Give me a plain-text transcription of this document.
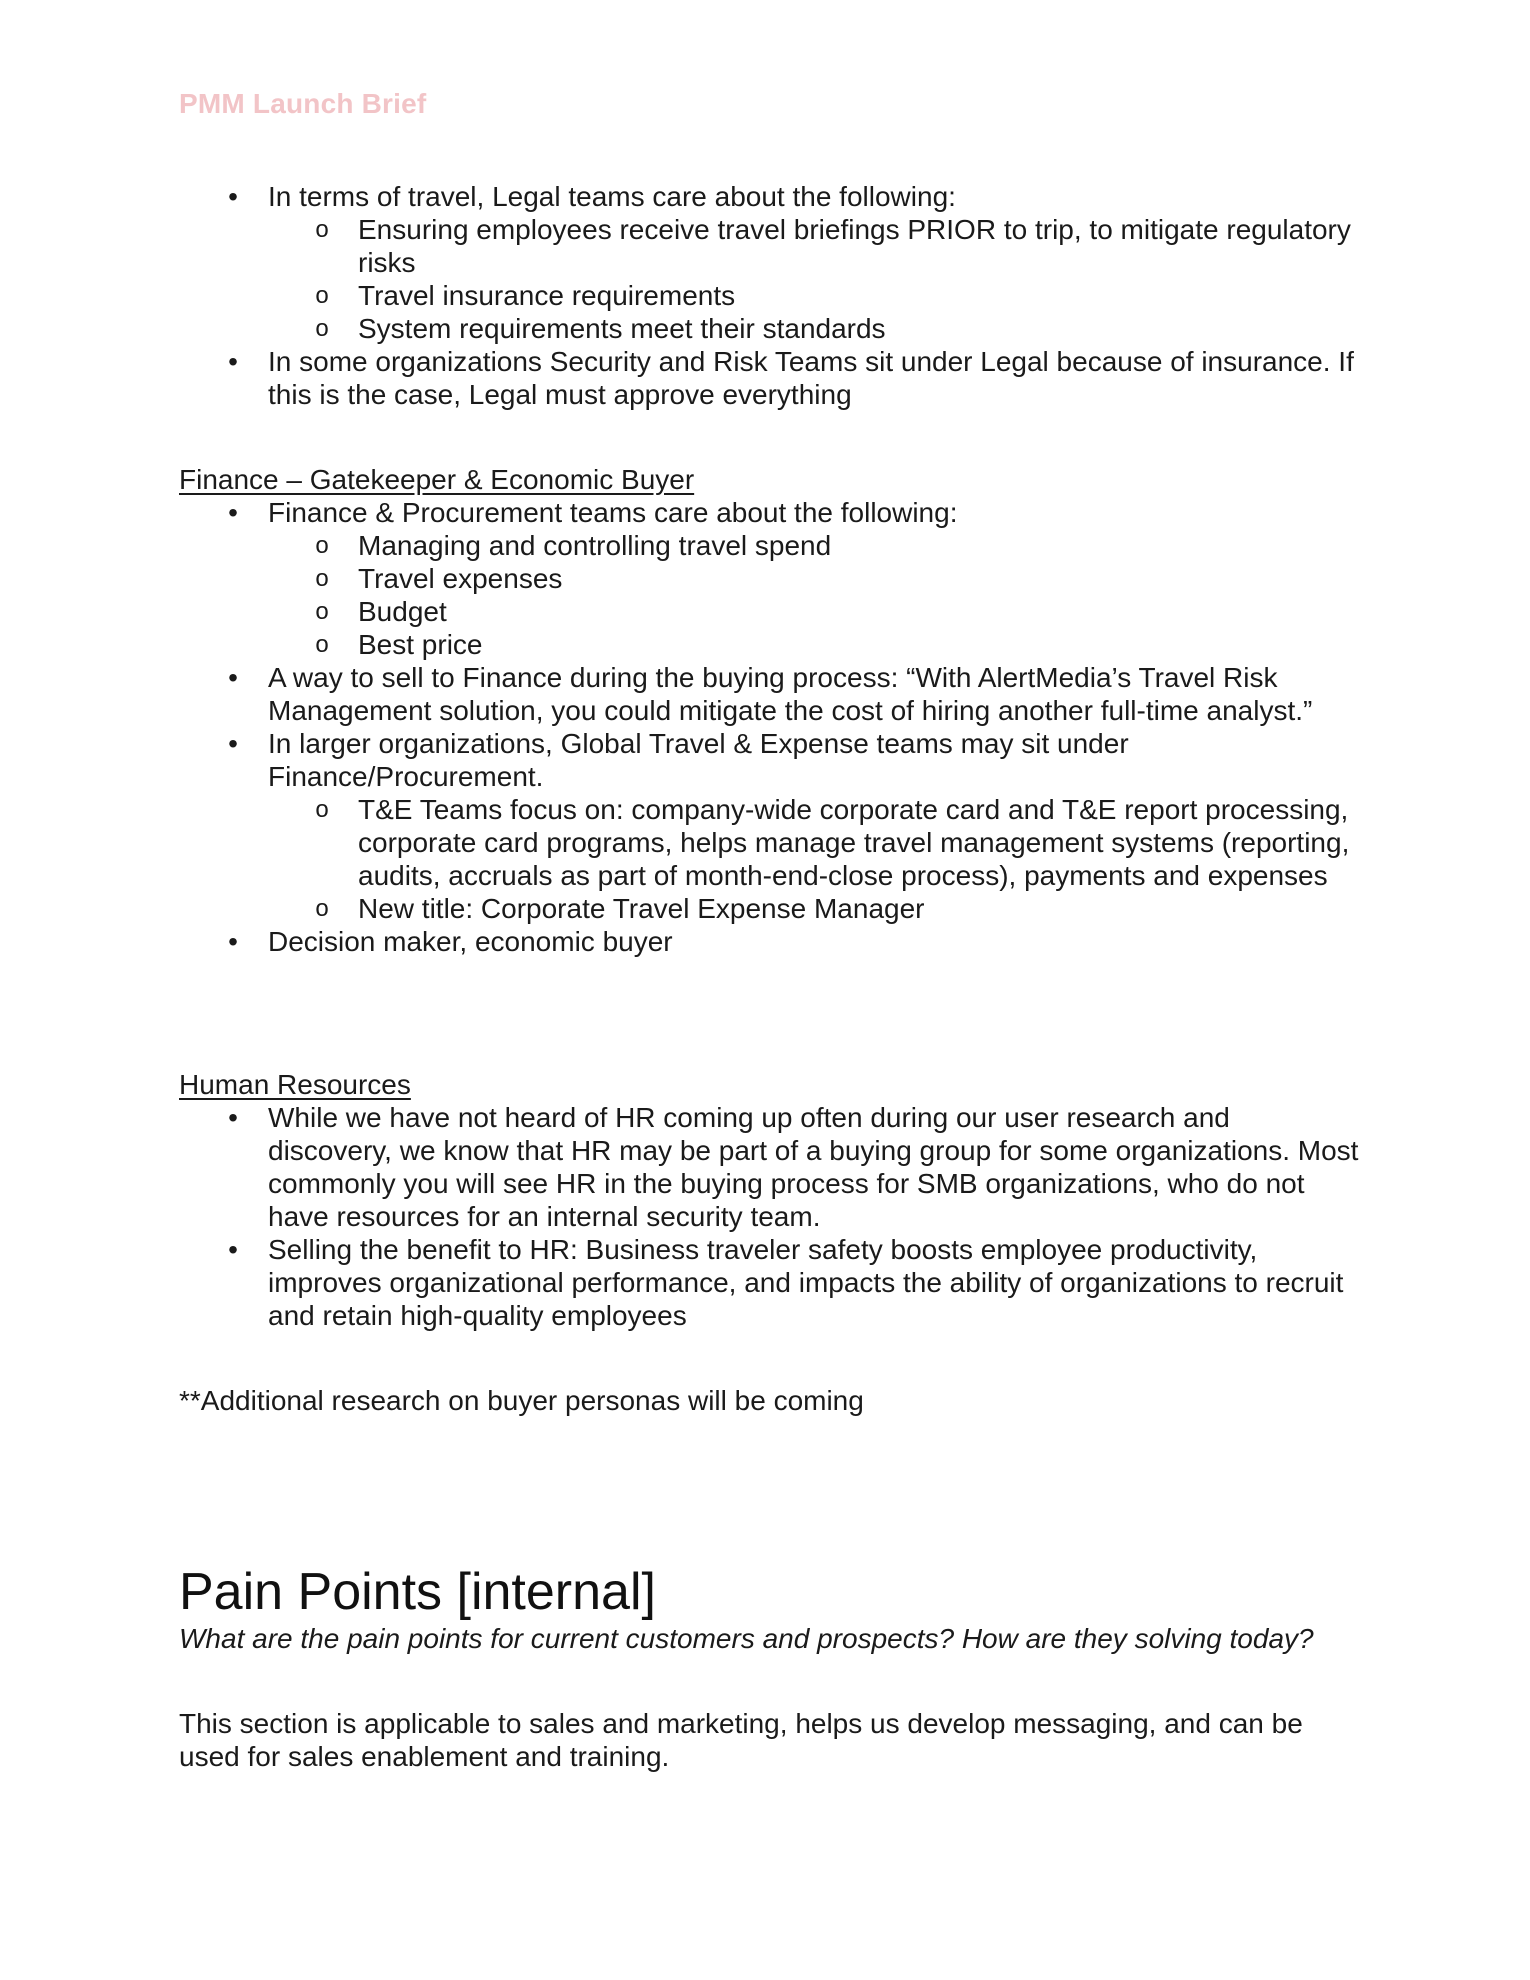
PMM Launch Brief
• In terms of travel, Legal teams care about the following:
o Ensuring employees receive travel briefings PRIOR to trip, to mitigate regulatory risks
o Travel insurance requirements
o System requirements meet their standards
• In some organizations Security and Risk Teams sit under Legal because of insurance. If this is the case, Legal must approve everything

Finance – Gatekeeper & Economic Buyer

• Finance & Procurement teams care about the following:
o Managing and controlling travel spend
o Travel expenses
o Budget
o Best price
• A way to sell to Finance during the buying process: “With AlertMedia’s Travel Risk Management solution, you could mitigate the cost of hiring another full-time analyst.”
• In larger organizations, Global Travel & Expense teams may sit under Finance/Procurement.
o T&E Teams focus on: company-wide corporate card and T&E report processing, corporate card programs, helps manage travel management systems (reporting, audits, accruals as part of month-end-close process), payments and expenses
o New title: Corporate Travel Expense Manager
• Decision maker, economic buyer

Human Resources

• While we have not heard of HR coming up often during our user research and discovery, we know that HR may be part of a buying group for some organizations. Most commonly you will see HR in the buying process for SMB organizations, who do not have resources for an internal security team.
• Selling the benefit to HR: Business traveler safety boosts employee productivity, improves organizational performance, and impacts the ability of organizations to recruit and retain high-quality employees

**Additional research on buyer personas will be coming

Pain Points [internal]

What are the pain points for current customers and prospects? How are they solving today?

This section is applicable to sales and marketing, helps us develop messaging, and can be used for sales enablement and training.
